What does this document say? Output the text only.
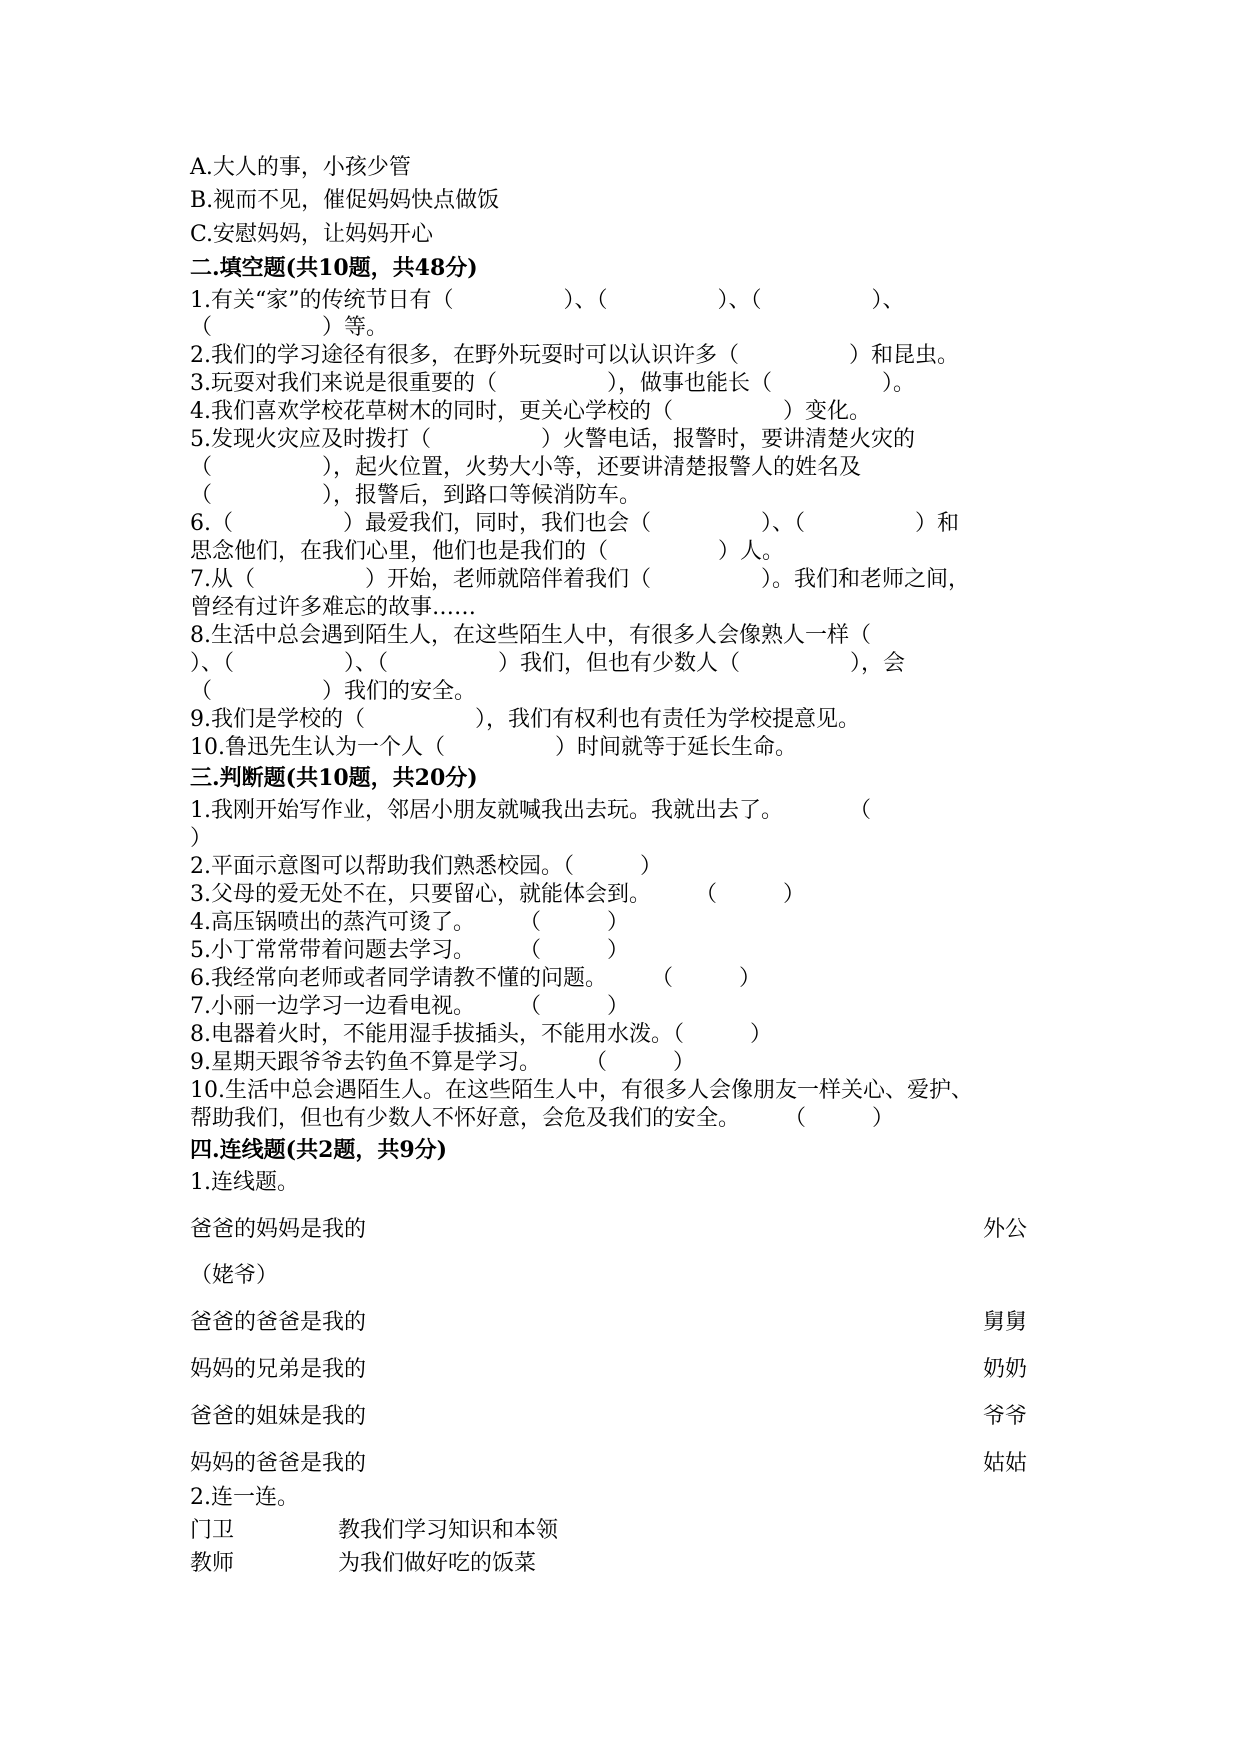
A.大人的事，小孩少管
B.视而不见，催促妈妈快点做饭
C.安慰妈妈，让妈妈开心
二.填空题(共10题，共48分)
1.有关“家”的传统节日有（　　　　　）、（　　　　　）、（　　　　　）、
（　　　　　）等。
2.我们的学习途径有很多，在野外玩耍时可以认识许多（　　　　　）和昆虫。
3.玩耍对我们来说是很重要的（　　　　　），做事也能长（　　　　　）。
4.我们喜欢学校花草树木的同时，更关心学校的（　　　　　）变化。
5.发现火灾应及时拨打（　　　　　）火警电话，报警时，要讲清楚火灾的
（　　　　　），起火位置，火势大小等，还要讲清楚报警人的姓名及
（　　　　　），报警后，到路口等候消防车。
6.（　　　　　）最爱我们，同时，我们也会（　　　　　）、（　　　　　）和
思念他们，在我们心里，他们也是我们的（　　　　　）人。
7.从（　　　　　）开始，老师就陪伴着我们（　　　　　）。我们和老师之间，
曾经有过许多难忘的故事……
8.生活中总会遇到陌生人，在这些陌生人中，有很多人会像熟人一样（
）、（　　　　　）、（　　　　　）我们，但也有少数人（　　　　　），会
（　　　　　）我们的安全。
9.我们是学校的（　　　　　），我们有权利也有责任为学校提意见。
10.鲁迅先生认为一个人（　　　　　）时间就等于延长生命。
三.判断题(共10题，共20分)
1.我刚开始写作业，邻居小朋友就喊我出去玩。我就出去了。　　　　（
）
2.平面示意图可以帮助我们熟悉校园。（　　　）
3.父母的爱无处不在，只要留心，就能体会到。　　　（　　　）
4.高压锅喷出的蒸汽可烫了。　　　（　　　）
5.小丁常常带着问题去学习。　　　（　　　）
6.我经常向老师或者同学请教不懂的问题。　　　（　　　）
7.小丽一边学习一边看电视。　　　（　　　）
8.电器着火时，不能用湿手拔插头，不能用水泼。（　　　）
9.星期天跟爷爷去钓鱼不算是学习。　　　（　　　）
10.生活中总会遇陌生人。在这些陌生人中，有很多人会像朋友一样关心、爱护、
帮助我们，但也有少数人不怀好意，会危及我们的安全。　　　（　　　）
四.连线题(共2题，共9分)
1.连线题。
爸爸的妈妈是我的	外公
（姥爷）
爸爸的爸爸是我的	舅舅
妈妈的兄弟是我的	奶奶
爸爸的姐妹是我的	爷爷
妈妈的爸爸是我的	姑姑
2.连一连。
门卫	教我们学习知识和本领
教师	为我们做好吃的饭菜
